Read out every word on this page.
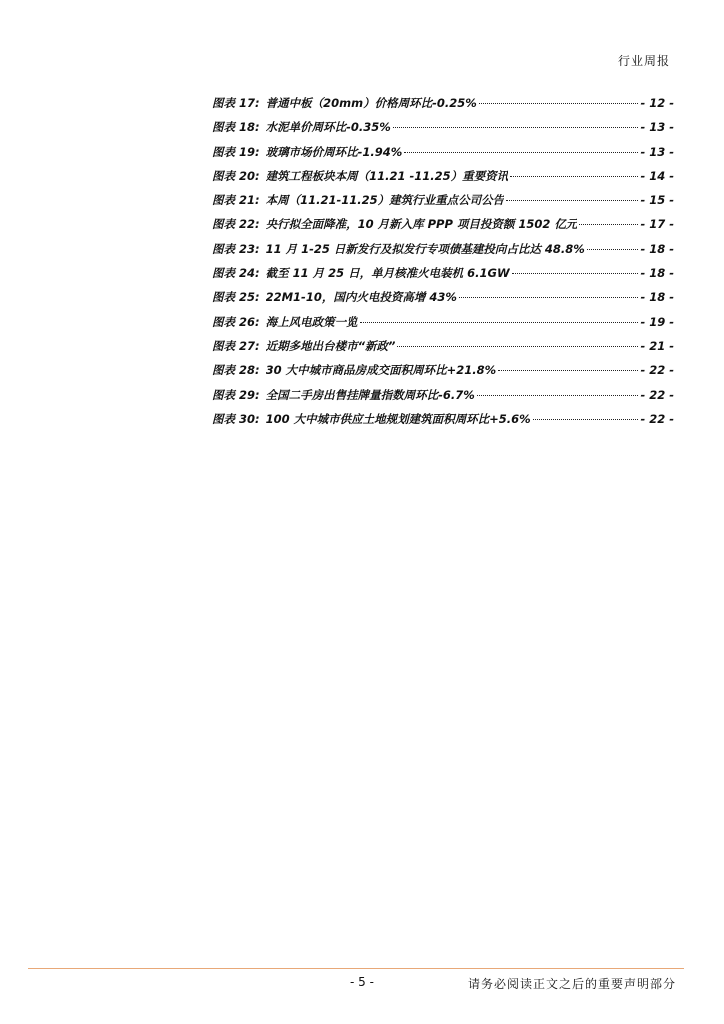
行业周报
图表 17: 普通中板（20mm）价格周环比-0.25%	- 12 -
图表 18: 水泥单价周环比-0.35%	- 13 -
图表 19: 玻璃市场价周环比-1.94%	- 13 -
图表 20: 建筑工程板块本周（11.21 -11.25）重要资讯	- 14 -
图表 21: 本周（11.21-11.25）建筑行业重点公司公告	- 15 -
图表 22: 央行拟全面降准，10 月新入库 PPP 项目投资额 1502 亿元	- 17 -
图表 23: 11 月 1-25 日新发行及拟发行专项债基建投向占比达 48.8%	- 18 -
图表 24: 截至 11 月 25 日，单月核准火电装机 6.1GW	- 18 -
图表 25: 22M1-10，国内火电投资高增 43%	- 18 -
图表 26: 海上风电政策一览	- 19 -
图表 27: 近期多地出台楼市“新政”	- 21 -
图表 28: 30 大中城市商品房成交面积周环比+21.8%	- 22 -
图表 29: 全国二手房出售挂牌量指数周环比-6.7%	- 22 -
图表 30: 100 大中城市供应土地规划建筑面积周环比+5.6%	- 22 -
- 5 -	请务必阅读正文之后的重要声明部分
